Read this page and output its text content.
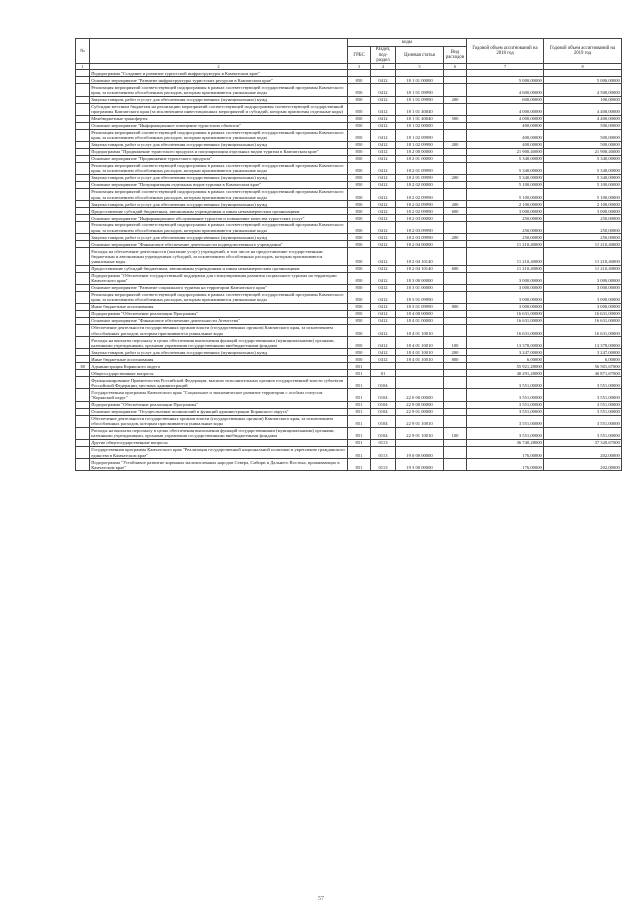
№		коды				Годовой объем ассигнований на 2018 год	Годовой объем ассигнований на 2019 год
		ГРБС	Раздел, под-раздел	Целевая статья	Вид расходов		
1	2	3	4	5	6	7	8
	Подпрограмма "Создание и развитие туристской инфраструктуры в Камчатском крае"						
	Основное мероприятие "Развитие инфраструктуры туристских ресурсов в Камчатском крае"	850	0412	18 1 01 00000		5 000,00000	5 000,00000
	Реализация мероприятий соответствующей подпрограммы в рамках соответствующей государственной программы Камчатского края, за исключением обособленных расходов, которым присваиваются уникальные коды	850	0412	18 1 01 09990		4 600,00000	4 500,00000
	Закупка товаров, работ и услуг для обеспечения государственных (муниципальных) нужд	850	0412	18 1 01 09990	200	600,00000	100,00000
	Субсидии местным бюджетам на реализацию мероприятий соответствующей подпрограммы соответствующей государственной программы Камчатского края (за исключением инвестиционных мероприятий и субсидий, которым присвоены отдельные коды)	850	0412	18 1 01 40040		4 000,00000	4 400,00000
	Межбюджетные трансферты	850	0412	18 1 01 40040	500	4 000,00000	4 400,00000
	Основное мероприятие "Информационное освещение туристских объектов"	850	0412	18 1 02 00000		400,00000	500,00000
	Реализация мероприятий соответствующей подпрограммы в рамках соответствующей государственной программы Камчатского края, за исключением обособленных расходов, которым присваиваются уникальные коды	850	0412	18 1 02 09990		400,00000	500,00000
	Закупка товаров, работ и услуг для обеспечения государственных (муниципальных) нужд	850	0412	18 1 02 09990	200	400,00000	500,00000
	Подпрограмма "Продвижение туристского продукта и популяризация отдельных видов туризма в Камчатском крае"	850	0412	18 2 00 00000		21 900,40000	21 900,40000
	Основное мероприятие "Продвижение туристского продукта"	850	0412	18 2 01 00000		5 340,00000	5 340,00000
	Реализация мероприятий соответствующей подпрограммы в рамках соответствующей государственной программы Камчатского края, за исключением обособленных расходов, которым присваиваются уникальные коды	850	0412	18 2 01 09990		5 340,00000	5 340,00000
	Закупка товаров, работ и услуг для обеспечения государственных (муниципальных) нужд	850	0412	18 2 01 09990	200	5 340,00000	5 340,00000
	Основное мероприятие "Популяризация отдельных видов туризма в Камчатском крае"	850	0412	18 2 02 00000		5 100,00000	5 100,00000
	Реализация мероприятий соответствующей подпрограммы в рамках соответствующей государственной программы Камчатского края, за исключением обособленных расходов, которым присваиваются уникальные коды	850	0412	18 2 02 09990		5 100,00000	5 100,00000
	Закупка товаров, работ и услуг для обеспечения государственных (муниципальных) нужд	850	0412	18 2 02 09990	200	2 100,00000	2 100,00000
	Предоставление субсидий бюджетным, автономным учреждениям и иным некоммерческим организациям	850	0412	18 2 02 09990	600	3 000,00000	3 000,00000
	Основное мероприятие "Информационное обслуживание туристов и повышение качества туристских услуг"	850	0412	18 2 03 00000		250,00000	250,00000
	Реализация мероприятий соответствующей подпрограммы в рамках соответствующей государственной программы Камчатского края, за исключением обособленных расходов, которым присваиваются уникальные коды	850	0412	18 2 03 09990		250,00000	250,00000
	Закупка товаров, работ и услуг для обеспечения государственных (муниципальных) нужд	850	0412	18 2 03 09990	200	250,00000	250,00000
	Основное мероприятие "Финансовое обеспечение деятельности подведомственного учреждения"	850	0412	18 2 04 00000		11 210,40000	11 210,40000
	Расходы на обеспечение деятельности (оказание услуг) учреждений, в том числе на предоставление государственным бюджетным и автономным учреждениям субсидий, за исключением обособленных расходов, которым присваиваются уникальные коды	850	0412	18 2 04 10140		11 210,40000	11 210,40000
	Предоставление субсидий бюджетным, автономным учреждениям и иным некоммерческим организациям	850	0412	18 2 04 10140	600	11 210,40000	11 210,40000
	Подпрограмма "Обеспечение государственной поддержки для стимулирования развития социального туризма на территории Камчатского края"	850	0412	18 3 00 00000		3 000,00000	3 000,00000
	Основное мероприятие "Развитие социального туризма на территории Камчатского края"	850	0412	18 3 01 00000		3 000,00000	3 000,00000
	Реализация мероприятий соответствующей подпрограммы в рамках соответствующей государственной программы Камчатского края, за исключением обособленных расходов, которым присваиваются уникальные коды	850	0412	18 3 01 09990		3 000,00000	3 000,00000
	Иные бюджетные ассигнования	850	0412	18 3 01 09990	800	3 000,00000	3 000,00000
	Подпрограмма "Обеспечение реализации Программы"	850	0412	18 4 00 00000		16 631,00000	16 631,00000
	Основное мероприятие "Финансовое обеспечение деятельности Агентства"	850	0412	18 4 01 00000		16 631,00000	16 631,00000
	Обеспечение деятельности государственных органов власти (государственных органов) Камчатского края, за исключением обособленных расходов, которым присваиваются уникальные коды	850	0412	18 4 01 10010		16 631,00000	16 631,00000
	Расходы на выплаты персоналу в целях обеспечения выполнения функций государственными (муниципальными) органами, казенными учреждениями, органами управления государственными внебюджетными фондами	850	0412	18 4 01 10010	100	13 378,00000	13 378,00000
	Закупка товаров, работ и услуг для обеспечения государственных (муниципальных) нужд	850	0412	18 4 01 10010	200	3 247,00000	3 247,00000
	Иные бюджетные ассигнования	850	0412	18 4 01 10010	800	6,00000	6,00000
38	Администрация Корякского округа	851				55 921,28000	56 501,67000
	Общегосударственные вопросы	851	01			40 291,28000	40 871,67000
	Функционирование Правительства Российской Федерации, высших исполнительных органов государственной власти субъектов Российской Федерации, местных администраций	851	0104			3 551,00000	3 551,00000
	Государственная программа Камчатского края "Социальное и экономическое развитие территории с особым статусом "Корякский округ"	851	0104	22 0 00 00000		3 551,00000	3 551,00000
	Подпрограмма "Обеспечение реализации Программы"	851	0104	22 9 00 00000		3 551,00000	3 551,00000
	Основное мероприятие "Осуществление полномочий и функций администрации Корякского округа"	851	0104	22 9 01 00000		3 551,00000	3 551,00000
	Обеспечение деятельности государственных органов власти (государственных органов) Камчатского края, за исключением обособленных расходов, которым присваиваются уникальные коды	851	0104	22 9 01 10010		3 551,00000	3 551,00000
	Расходы на выплаты персоналу в целях обеспечения выполнения функций государственными (муниципальными) органами, казенными учреждениями, органами управления государственными внебюджетными фондами	851	0104	22 9 01 10010	100	3 551,00000	3 551,00000
	Другие общегосударственные вопросы	851	0113			36 740,28000	37 320,67000
	Государственная программа Камчатского края "Реализация государственной национальной политики и укрепление гражданского единства в Камчатском крае"	851	0113	19 0 00 00000		176,00000	202,00000
	Подпрограмма "Устойчивое развитие коренных малочисленных народов Севера, Сибири и Дальнего Востока, проживающих в Камчатском крае"	851	0113	19 3 00 00000		176,00000	202,00000
57
